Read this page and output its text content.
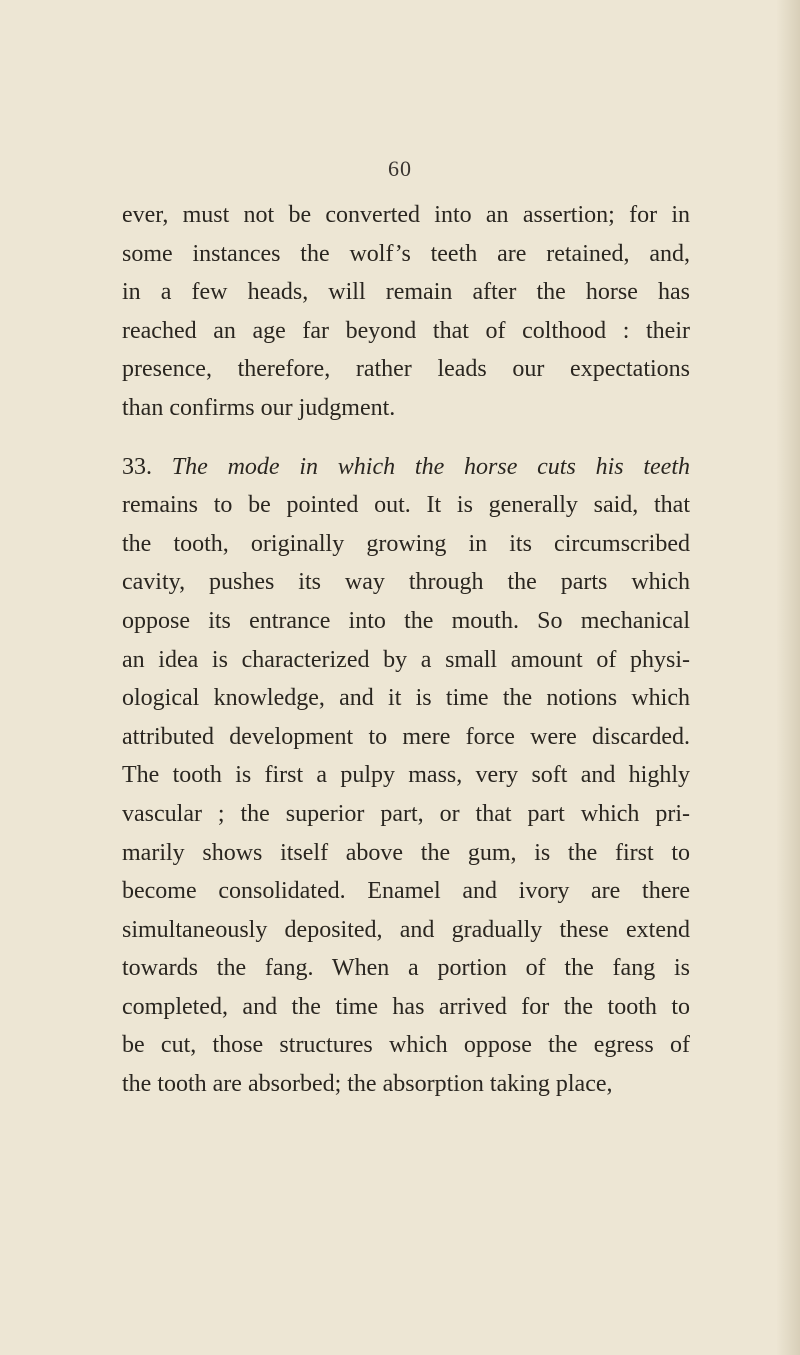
60
ever, must not be converted into an assertion; for in
some instances the wolf’s teeth are retained, and,
in a few heads, will remain after the horse has
reached an age far beyond that of colthood : their
presence, therefore, rather leads our expectations
than confirms our judgment.
33. The mode in which the horse cuts his teeth
remains to be pointed out. It is generally said, that
the tooth, originally growing in its circumscribed
cavity, pushes its way through the parts which
oppose its entrance into the mouth. So mechanical
an idea is characterized by a small amount of physi-
ological knowledge, and it is time the notions which
attributed development to mere force were discarded.
The tooth is first a pulpy mass, very soft and highly
vascular ; the superior part, or that part which pri-
marily shows itself above the gum, is the first to
become consolidated. Enamel and ivory are there
simultaneously deposited, and gradually these extend
towards the fang. When a portion of the fang is
completed, and the time has arrived for the tooth to
be cut, those structures which oppose the egress of
the tooth are absorbed; the absorption taking place,
